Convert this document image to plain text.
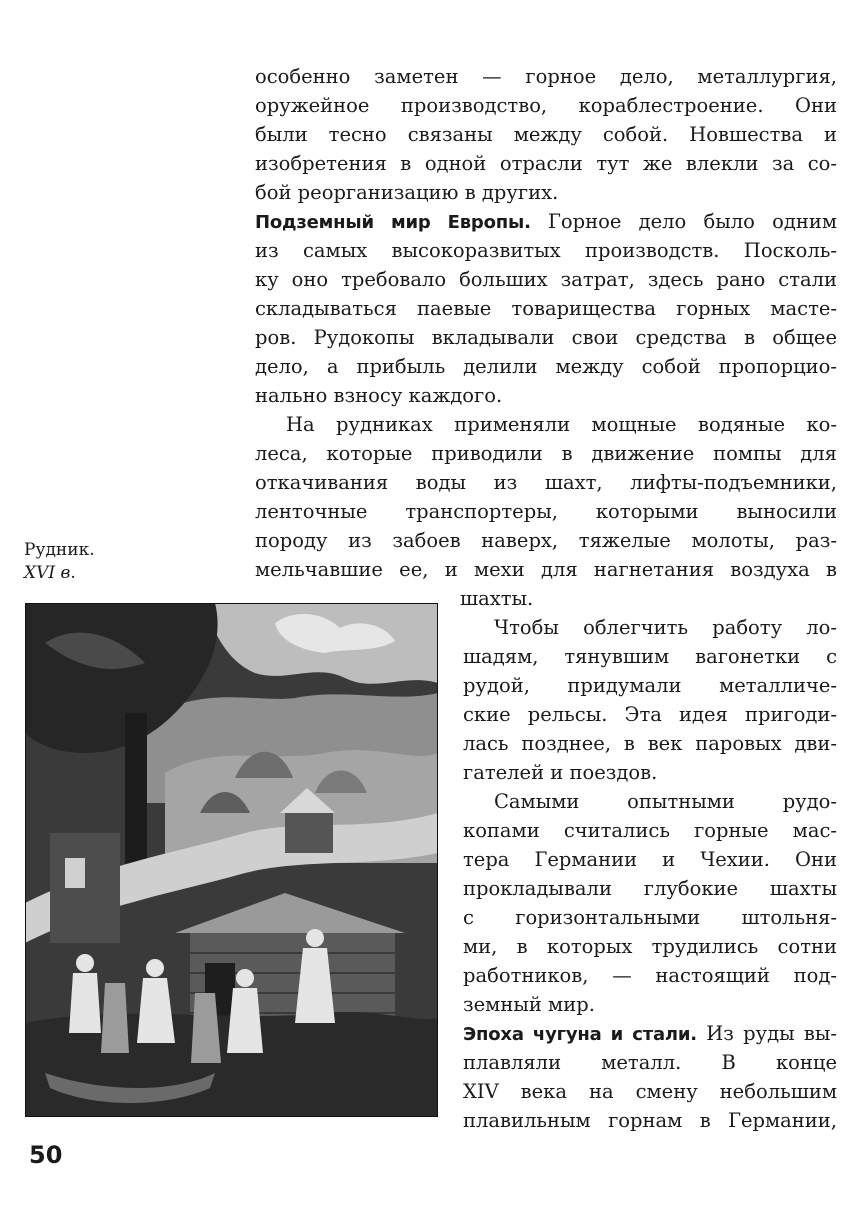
особенно заметен — горное дело, металлургия,

оружейное производство, кораблестроение. Они

были тесно связаны между собой. Новшества и

изобретения в одной отрасли тут же влекли за со-

бой реорганизацию в других.

Подземный мир Европы. Горное дело было одним

из самых высокоразвитых производств. Посколь-

ку оно требовало больших затрат, здесь рано стали

складываться паевые товарищества горных масте-

ров. Рудокопы вкладывали свои средства в общее

дело, а прибыль делили между собой пропорцио-

нально взносу каждого.

На рудниках применяли мощные водяные ко-

леса, которые приводили в движение помпы для

откачивания воды из шахт, лифты-подъемники,

ленточные транспортеры, которыми выносили

породу из забоев наверх, тяжелые молоты, раз-

мельчавшие ее, и мехи для нагнетания воздуха в

шахты.

Чтобы облегчить работу ло-

шадям, тянувшим вагонетки с

рудой, придумали металличе-

ские рельсы. Эта идея пригоди-

лась позднее, в век паровых дви-

гателей и поездов.

Самыми опытными рудо-

копами считались горные мас-

тера Германии и Чехии. Они

прокладывали глубокие шахты

с горизонтальными штольня-

ми, в которых трудились сотни

работников, — настоящий под-

земный мир.

Эпоха чугуна и стали. Из руды вы-

плавляли металл. В конце

XIV века на смену небольшим

плавильным горнам в Германии,

Рудник.

XVI в.

50
